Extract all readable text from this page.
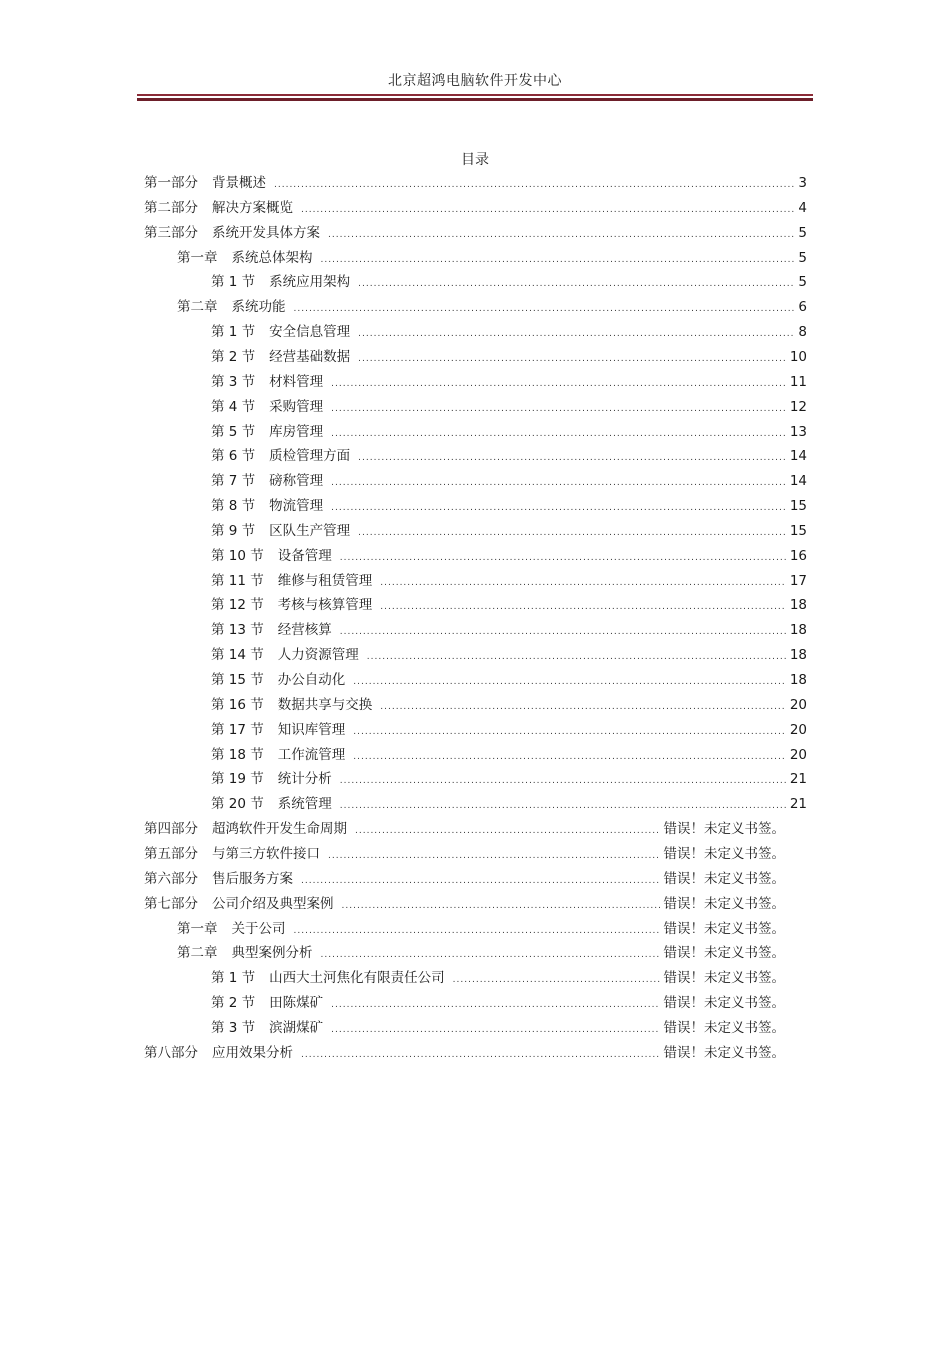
北京超鸿电脑软件开发中心
目录
第一部分 背景概述 .....	3
第二部分 解决方案概览 .....	4
第三部分 系统开发具体方案 .....	5
第一章 系统总体架构 .....	5
第 1 节 系统应用架构 .....	5
第二章 系统功能 .....	6
第 1 节 安全信息管理 .....	8
第 2 节 经营基础数据 .....	10
第 3 节 材料管理 .....	11
第 4 节 采购管理 .....	12
第 5 节 库房管理 .....	13
第 6 节 质检管理方面 .....	14
第 7 节 磅称管理 .....	14
第 8 节 物流管理 .....	15
第 9 节 区队生产管理 .....	15
第 10 节 设备管理 .....	16
第 11 节 维修与租赁管理 .....	17
第 12 节 考核与核算管理 .....	18
第 13 节 经营核算 .....	18
第 14 节 人力资源管理 .....	18
第 15 节 办公自动化 .....	18
第 16 节 数据共享与交换 .....	20
第 17 节 知识库管理 .....	20
第 18 节 工作流管理 .....	20
第 19 节 统计分析 .....	21
第 20 节 系统管理 .....	21
第四部分 超鸿软件开发生命周期 .....	错误！未定义书签。
第五部分 与第三方软件接口 .....	错误！未定义书签。
第六部分 售后服务方案 .....	错误！未定义书签。
第七部分 公司介绍及典型案例 .....	错误！未定义书签。
第一章 关于公司 .....	错误！未定义书签。
第二章 典型案例分析 .....	错误！未定义书签。
第 1 节 山西大土河焦化有限责任公司 .....	错误！未定义书签。
第 2 节 田陈煤矿 .....	错误！未定义书签。
第 3 节 滨湖煤矿 .....	错误！未定义书签。
第八部分 应用效果分析 .....	错误！未定义书签。
